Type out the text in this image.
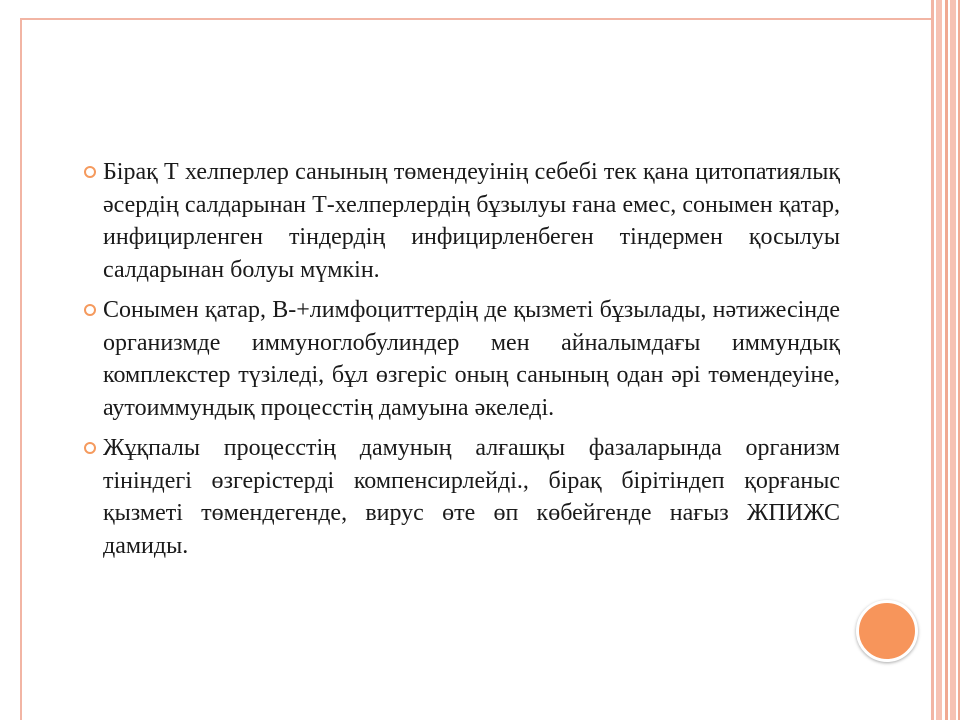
Бірақ Т хелперлер санының төмендеуінің себебі тек қана цитопатиялық әсердің салдарынан Т-хелперлердің бұзылуы ғана емес, сонымен қатар, инфицирленген тіндердің инфицирленбеген тіндермен қосылуы салдарынан болуы мүмкін.
Сонымен қатар, В-+лимфоциттердің де қызметі бұзылады, нәтижесінде организмде иммуноглобулиндер мен айналымдағы иммундық комплекстер түзіледі, бұл өзгеріс оның санының одан әрі төмендеуіне, аутоиммундық процесстің дамуына әкеледі.
Жұқпалы процесстің дамуның алғашқы фазаларында организм тініндегі өзгерістерді компенсирлейді., бірақ бірітіндеп қорғаныс қызметі төмендегенде, вирус өте өп көбейгенде нағыз ЖПИЖС дамиды.
